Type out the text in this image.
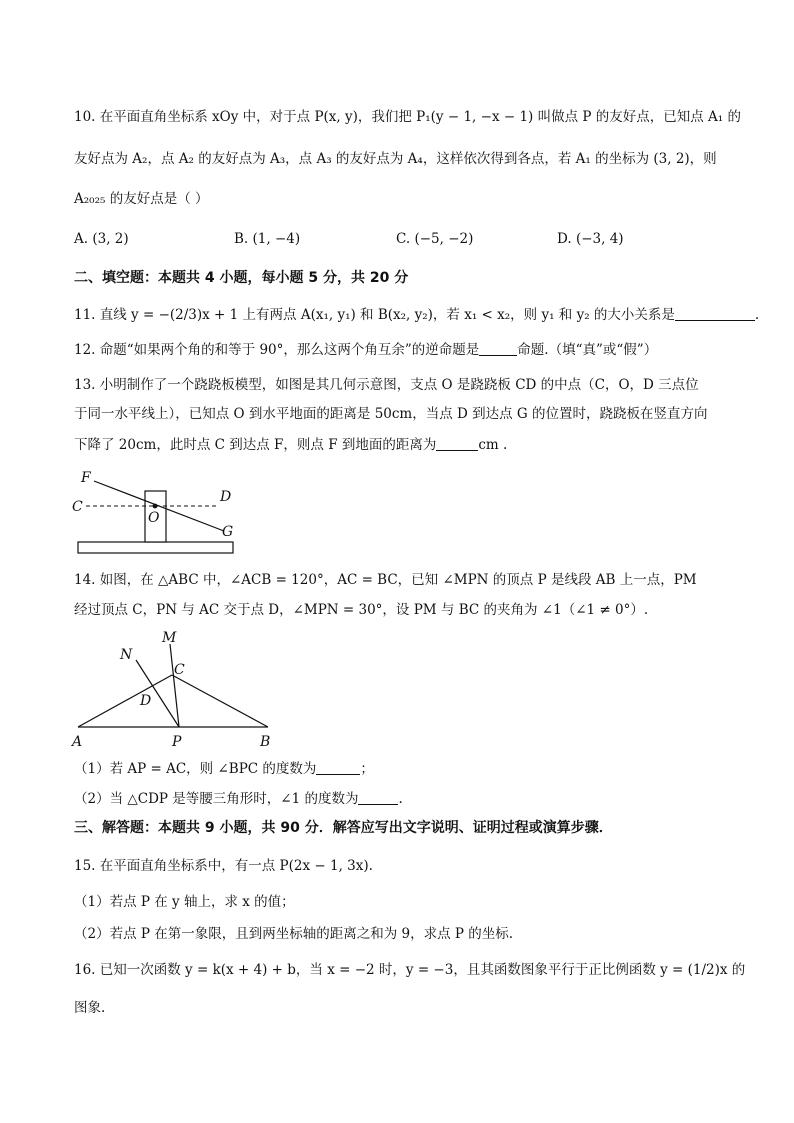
10. 在平面直角坐标系 xOy 中，对于点 P(x, y)，我们把 P₁(y − 1, −x − 1) 叫做点 P 的友好点，已知点 A₁ 的
友好点为 A₂，点 A₂ 的友好点为 A₃，点 A₃ 的友好点为 A₄，这样依次得到各点，若 A₁ 的坐标为 (3, 2)，则
A₂₀₂₅ 的友好点是（ ）
A. (3, 2)	B. (1, −4)	C. (−5, −2)	D. (−3, 4)
二、填空题：本题共 4 小题，每小题 5 分，共 20 分
11. 直线 y = −(2/3)x + 1 上有两点 A(x₁, y₁) 和 B(x₂, y₂)，若 x₁ < x₂，则 y₁ 和 y₂ 的大小关系是	.
12. 命题“如果两个角的和等于 90°，那么这两个角互余”的逆命题是	命题.（填“真”或“假”）
13. 小明制作了一个跷跷板模型，如图是其几何示意图，支点 O 是跷跷板 CD 的中点（C，O，D 三点位
于同一水平线上），已知点 O 到水平地面的距离是 50cm，当点 D 到达点 G 的位置时，跷跷板在竖直方向
下降了 20cm，此时点 C 到达点 F，则点 F 到地面的距离为	cm .
F
C
D
O
G
14. 如图，在 △ABC 中，∠ACB = 120°，AC = BC，已知 ∠MPN 的顶点 P 是线段 AB 上一点，PM
经过顶点 C，PN 与 AC 交于点 D，∠MPN = 30°，设 PM 与 BC 的夹角为 ∠1（∠1 ≠ 0°）.
M
N
C
D
A	P	B
（1）若 AP = AC，则 ∠BPC 的度数为	；
（2）当 △CDP 是等腰三角形时，∠1 的度数为	.
三、解答题：本题共 9 小题，共 90 分．解答应写出文字说明、证明过程或演算步骤．
15. 在平面直角坐标系中，有一点 P(2x − 1, 3x).
（1）若点 P 在 y 轴上，求 x 的值；
（2）若点 P 在第一象限，且到两坐标轴的距离之和为 9，求点 P 的坐标.
16. 已知一次函数 y = k(x + 4) + b，当 x = −2 时，y = −3，且其函数图象平行于正比例函数 y = (1/2)x 的
图象.
